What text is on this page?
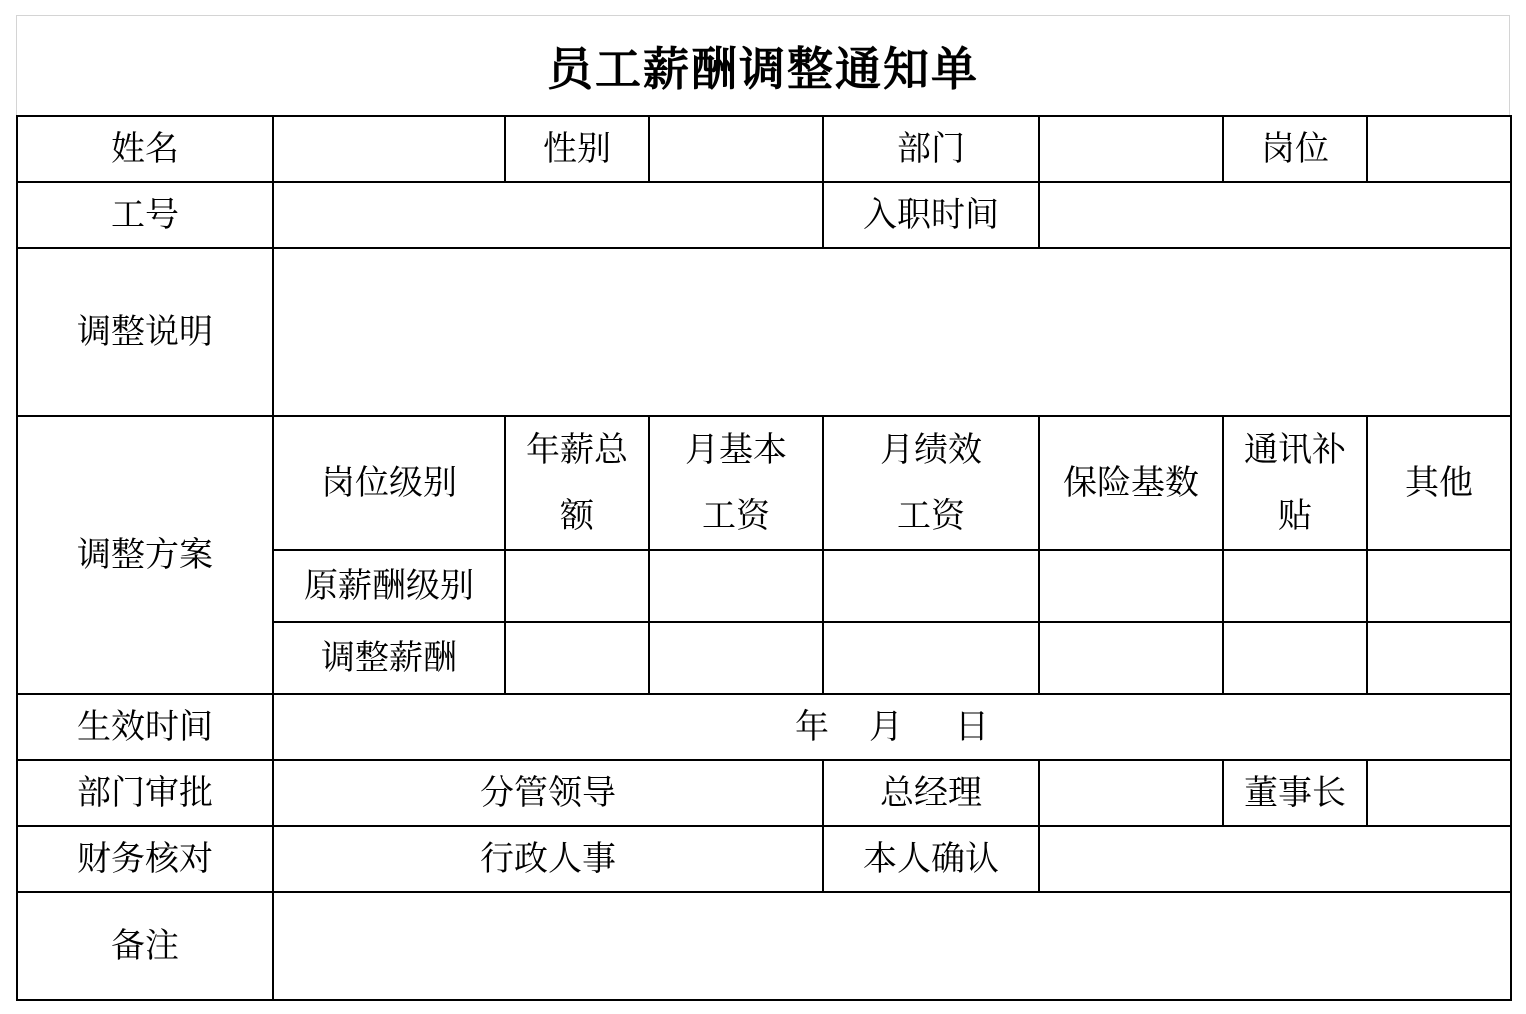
员工薪酬调整通知单
姓名		性别		部门		岗位	
工号				入职时间			
调整说明							
调整方案	岗位级别	年薪总额	月基本工资	月绩效工资	保险基数	通讯补贴	其他
	原薪酬级别						
	调整薪酬						
生效时间	年 月 日						
部门审批	分管领导			总经理		董事长	
财务核对	行政人事			本人确认			
备注							
